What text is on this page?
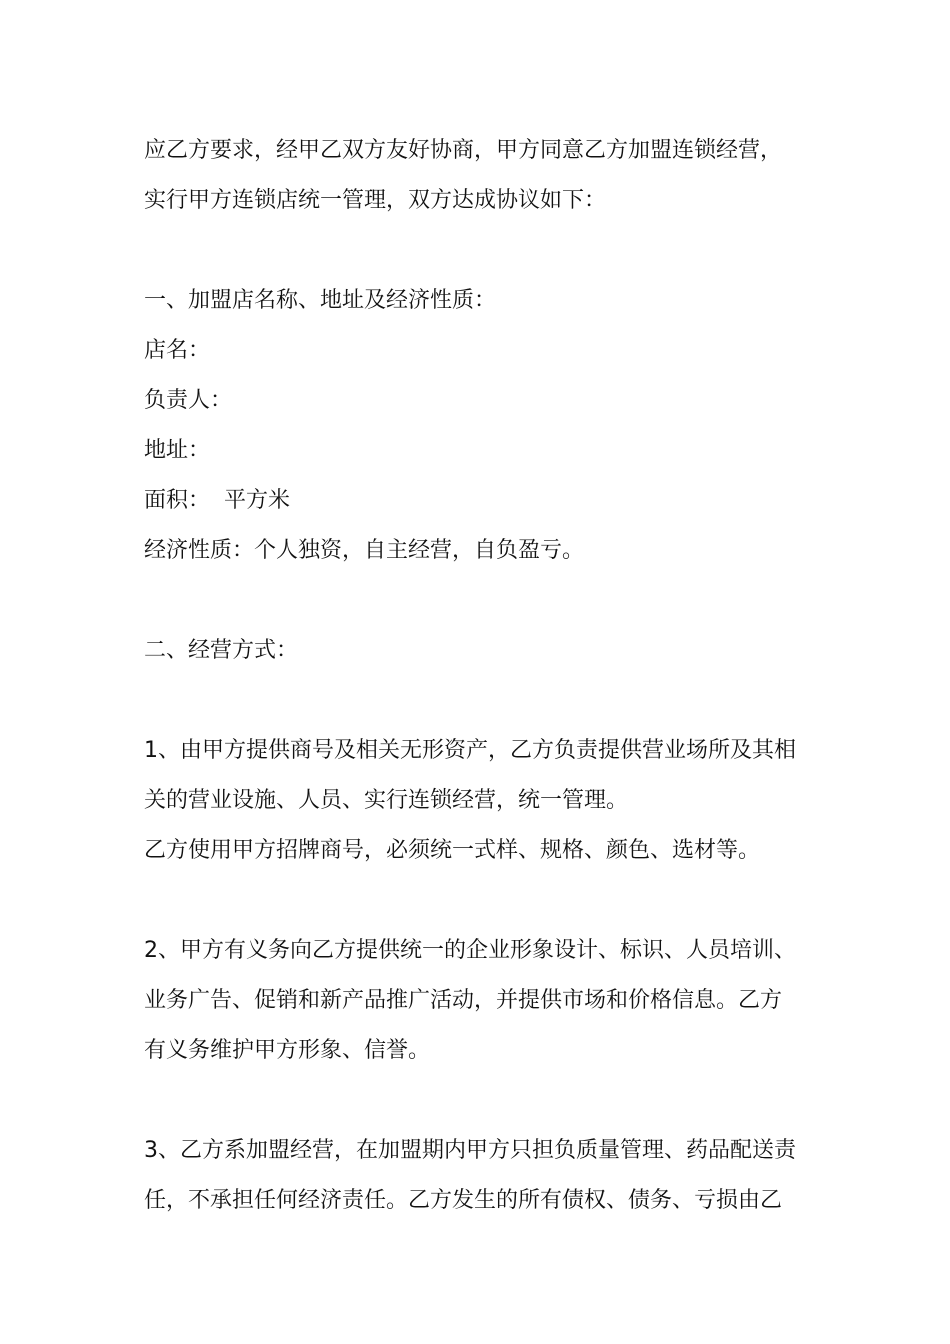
应乙方要求，经甲乙双方友好协商，甲方同意乙方加盟连锁经营，
实行甲方连锁店统一管理，双方达成协议如下：
一、加盟店名称、地址及经济性质：
店名：
负责人：
地址：
面积：  平方米
经济性质：个人独资，自主经营，自负盈亏。
二、经营方式：
1、由甲方提供商号及相关无形资产，乙方负责提供营业场所及其相
关的营业设施、人员、实行连锁经营，统一管理。
乙方使用甲方招牌商号，必须统一式样、规格、颜色、选材等。
2、甲方有义务向乙方提供统一的企业形象设计、标识、人员培训、
业务广告、促销和新产品推广活动，并提供市场和价格信息。乙方
有义务维护甲方形象、信誉。
3、乙方系加盟经营，在加盟期内甲方只担负质量管理、药品配送责
任，不承担任何经济责任。乙方发生的所有债权、债务、亏损由乙
